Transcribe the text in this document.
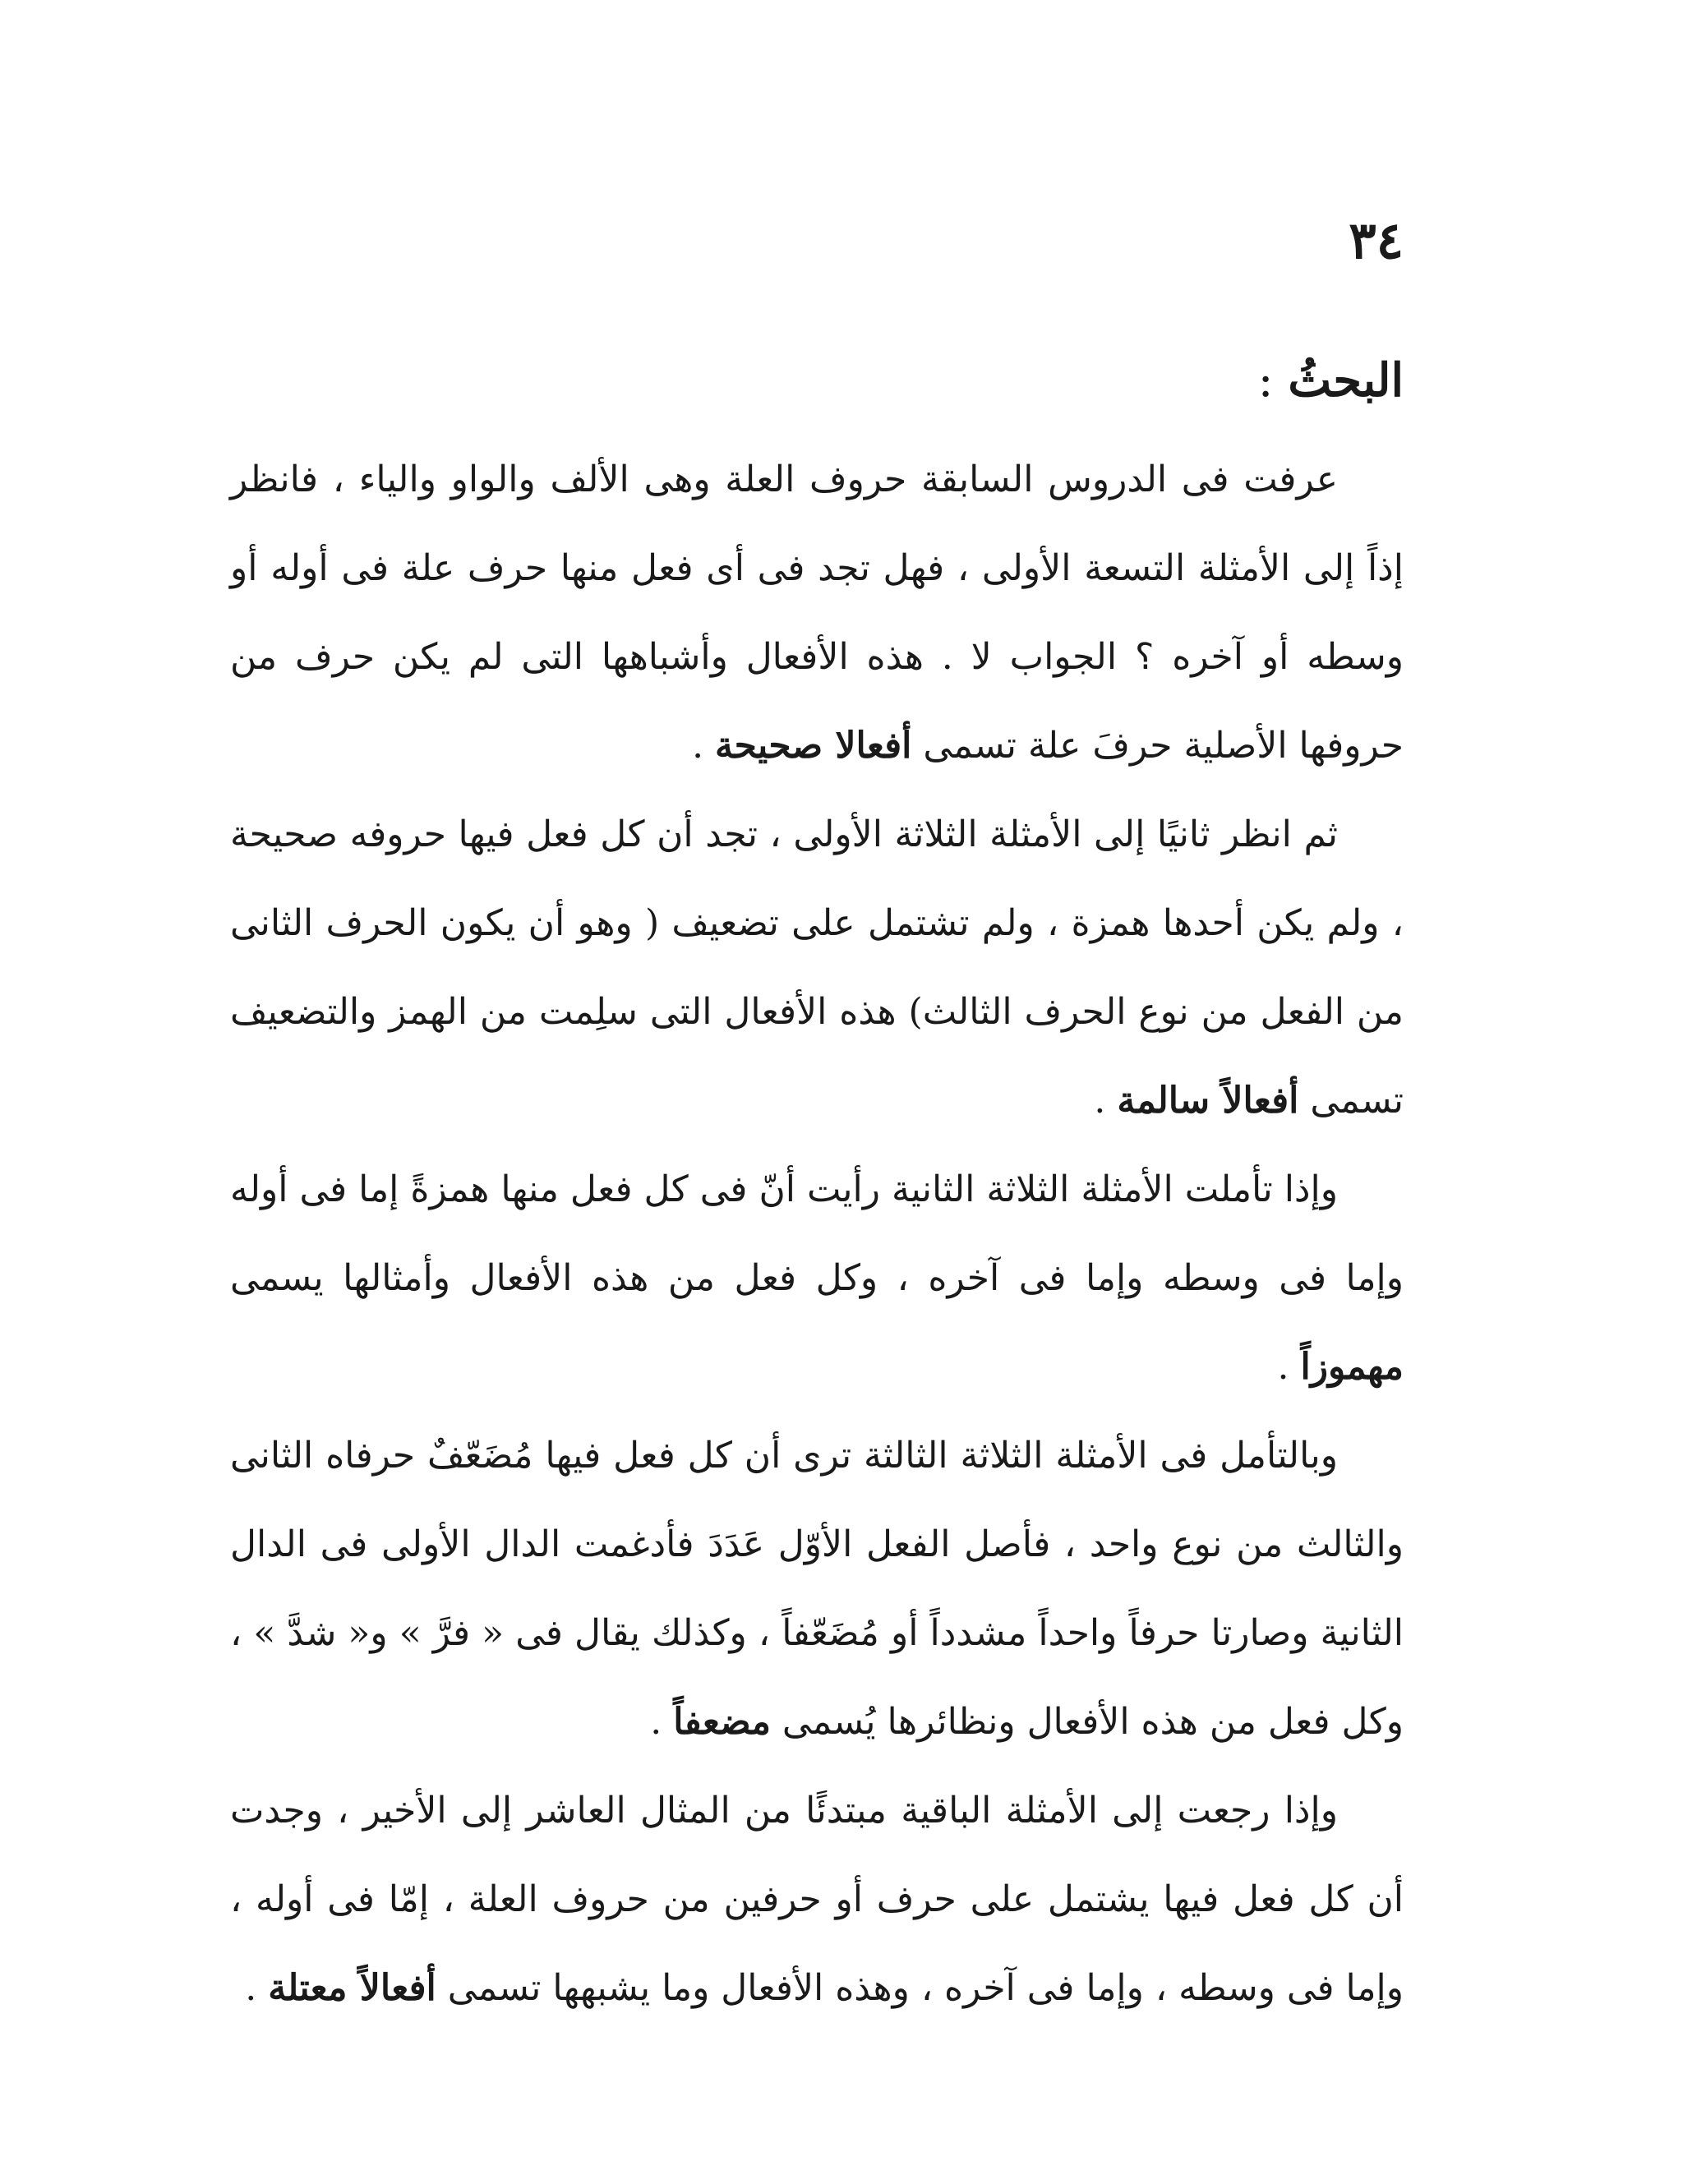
٣٤
البحثُ :

عرفت فى الدروس السابقة حروف العلة وهى الألف والواو والياء ، فانظر إذاً إلى الأمثلة التسعة الأولى ، فهل تجد فى أى فعل منها حرف علة فى أوله أو وسطه أو آخره ؟ الجواب لا . هذه الأفعال وأشباهها التى لم يكن حرف من حروفها الأصلية حرفَ علة تسمى أفعالا صحيحة .

ثم انظر ثانيًا إلى الأمثلة الثلاثة الأولى ، تجد أن كل فعل فيها حروفه صحيحة ، ولم يكن أحدها همزة ، ولم تشتمل على تضعيف ( وهو أن يكون الحرف الثانى من الفعل من نوع الحرف الثالث) هذه الأفعال التى سلِمت من الهمز والتضعيف تسمى أفعالاً سالمة .

وإذا تأملت الأمثلة الثلاثة الثانية رأيت أنّ فى كل فعل منها همزةً إما فى أوله وإما فى وسطه وإما فى آخره ، وكل فعل من هذه الأفعال وأمثالها يسمى مهموزاً .

وبالتأمل فى الأمثلة الثلاثة الثالثة ترى أن كل فعل فيها مُضَعّفٌ حرفاه الثانى والثالث من نوع واحد ، فأصل الفعل الأوّل عَدَدَ فأدغمت الدال الأولى فى الدال الثانية وصارتا حرفاً واحداً مشدداً أو مُضَعّفاً ، وكذلك يقال فى « فرَّ » و« شدَّ » ، وكل فعل من هذه الأفعال ونظائرها يُسمى مضعفاً .

وإذا رجعت إلى الأمثلة الباقية مبتدئًا من المثال العاشر إلى الأخير ، وجدت أن كل فعل فيها يشتمل على حرف أو حرفين من حروف العلة ، إمّا فى أوله ، وإما فى وسطه ، وإما فى آخره ، وهذه الأفعال وما يشبهها تسمى أفعالاً معتلة .
